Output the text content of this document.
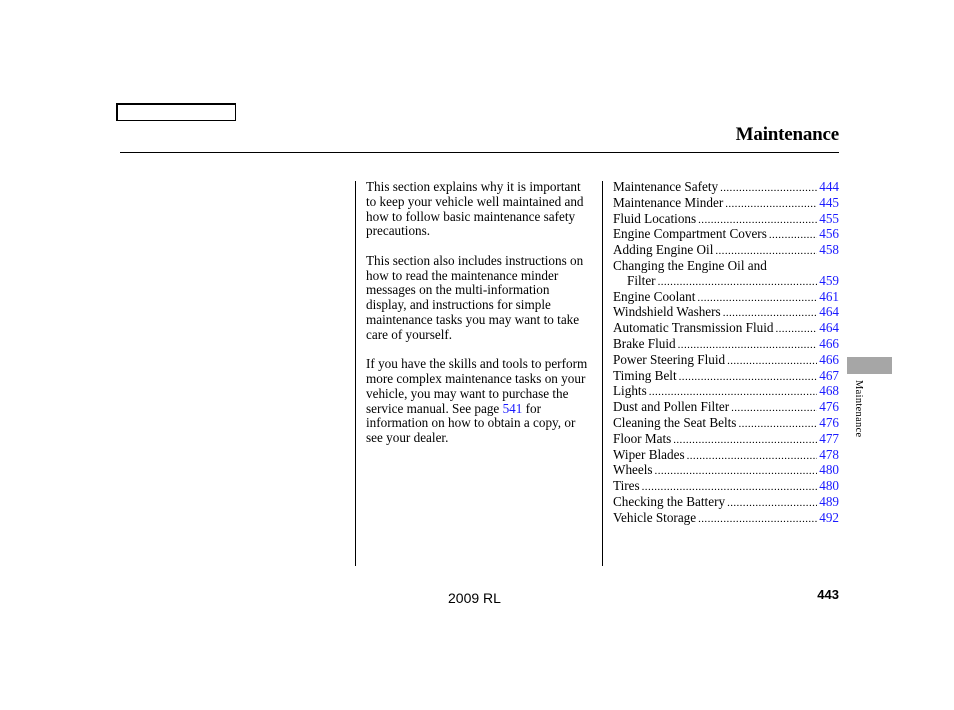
Maintenance

This section explains why it is important to keep your vehicle well maintained and how to follow basic maintenance safety precautions.

This section also includes instructions on how to read the maintenance minder messages on the multi-information display, and instructions for simple maintenance tasks you may want to take care of yourself.

If you have the skills and tools to perform more complex maintenance tasks on your vehicle, you may want to purchase the service manual. See page 541 for information on how to obtain a copy, or see your dealer.

Maintenance Safety .....	444
Maintenance Minder .....	445
Fluid Locations .....	455
Engine Compartment Covers .....	456
Adding Engine Oil .....	458
Changing the Engine Oil and
Filter .....	459
Engine Coolant .....	461
Windshield Washers .....	464
Automatic Transmission Fluid .....	464
Brake Fluid .....	466
Power Steering Fluid .....	466
Timing Belt .....	467
Lights .....	468
Dust and Pollen Filter .....	476
Cleaning the Seat Belts .....	476
Floor Mats .....	477
Wiper Blades .....	478
Wheels .....	480
Tires .....	480
Checking the Battery .....	489
Vehicle Storage .....	492
Maintenance
2009 RL	443
